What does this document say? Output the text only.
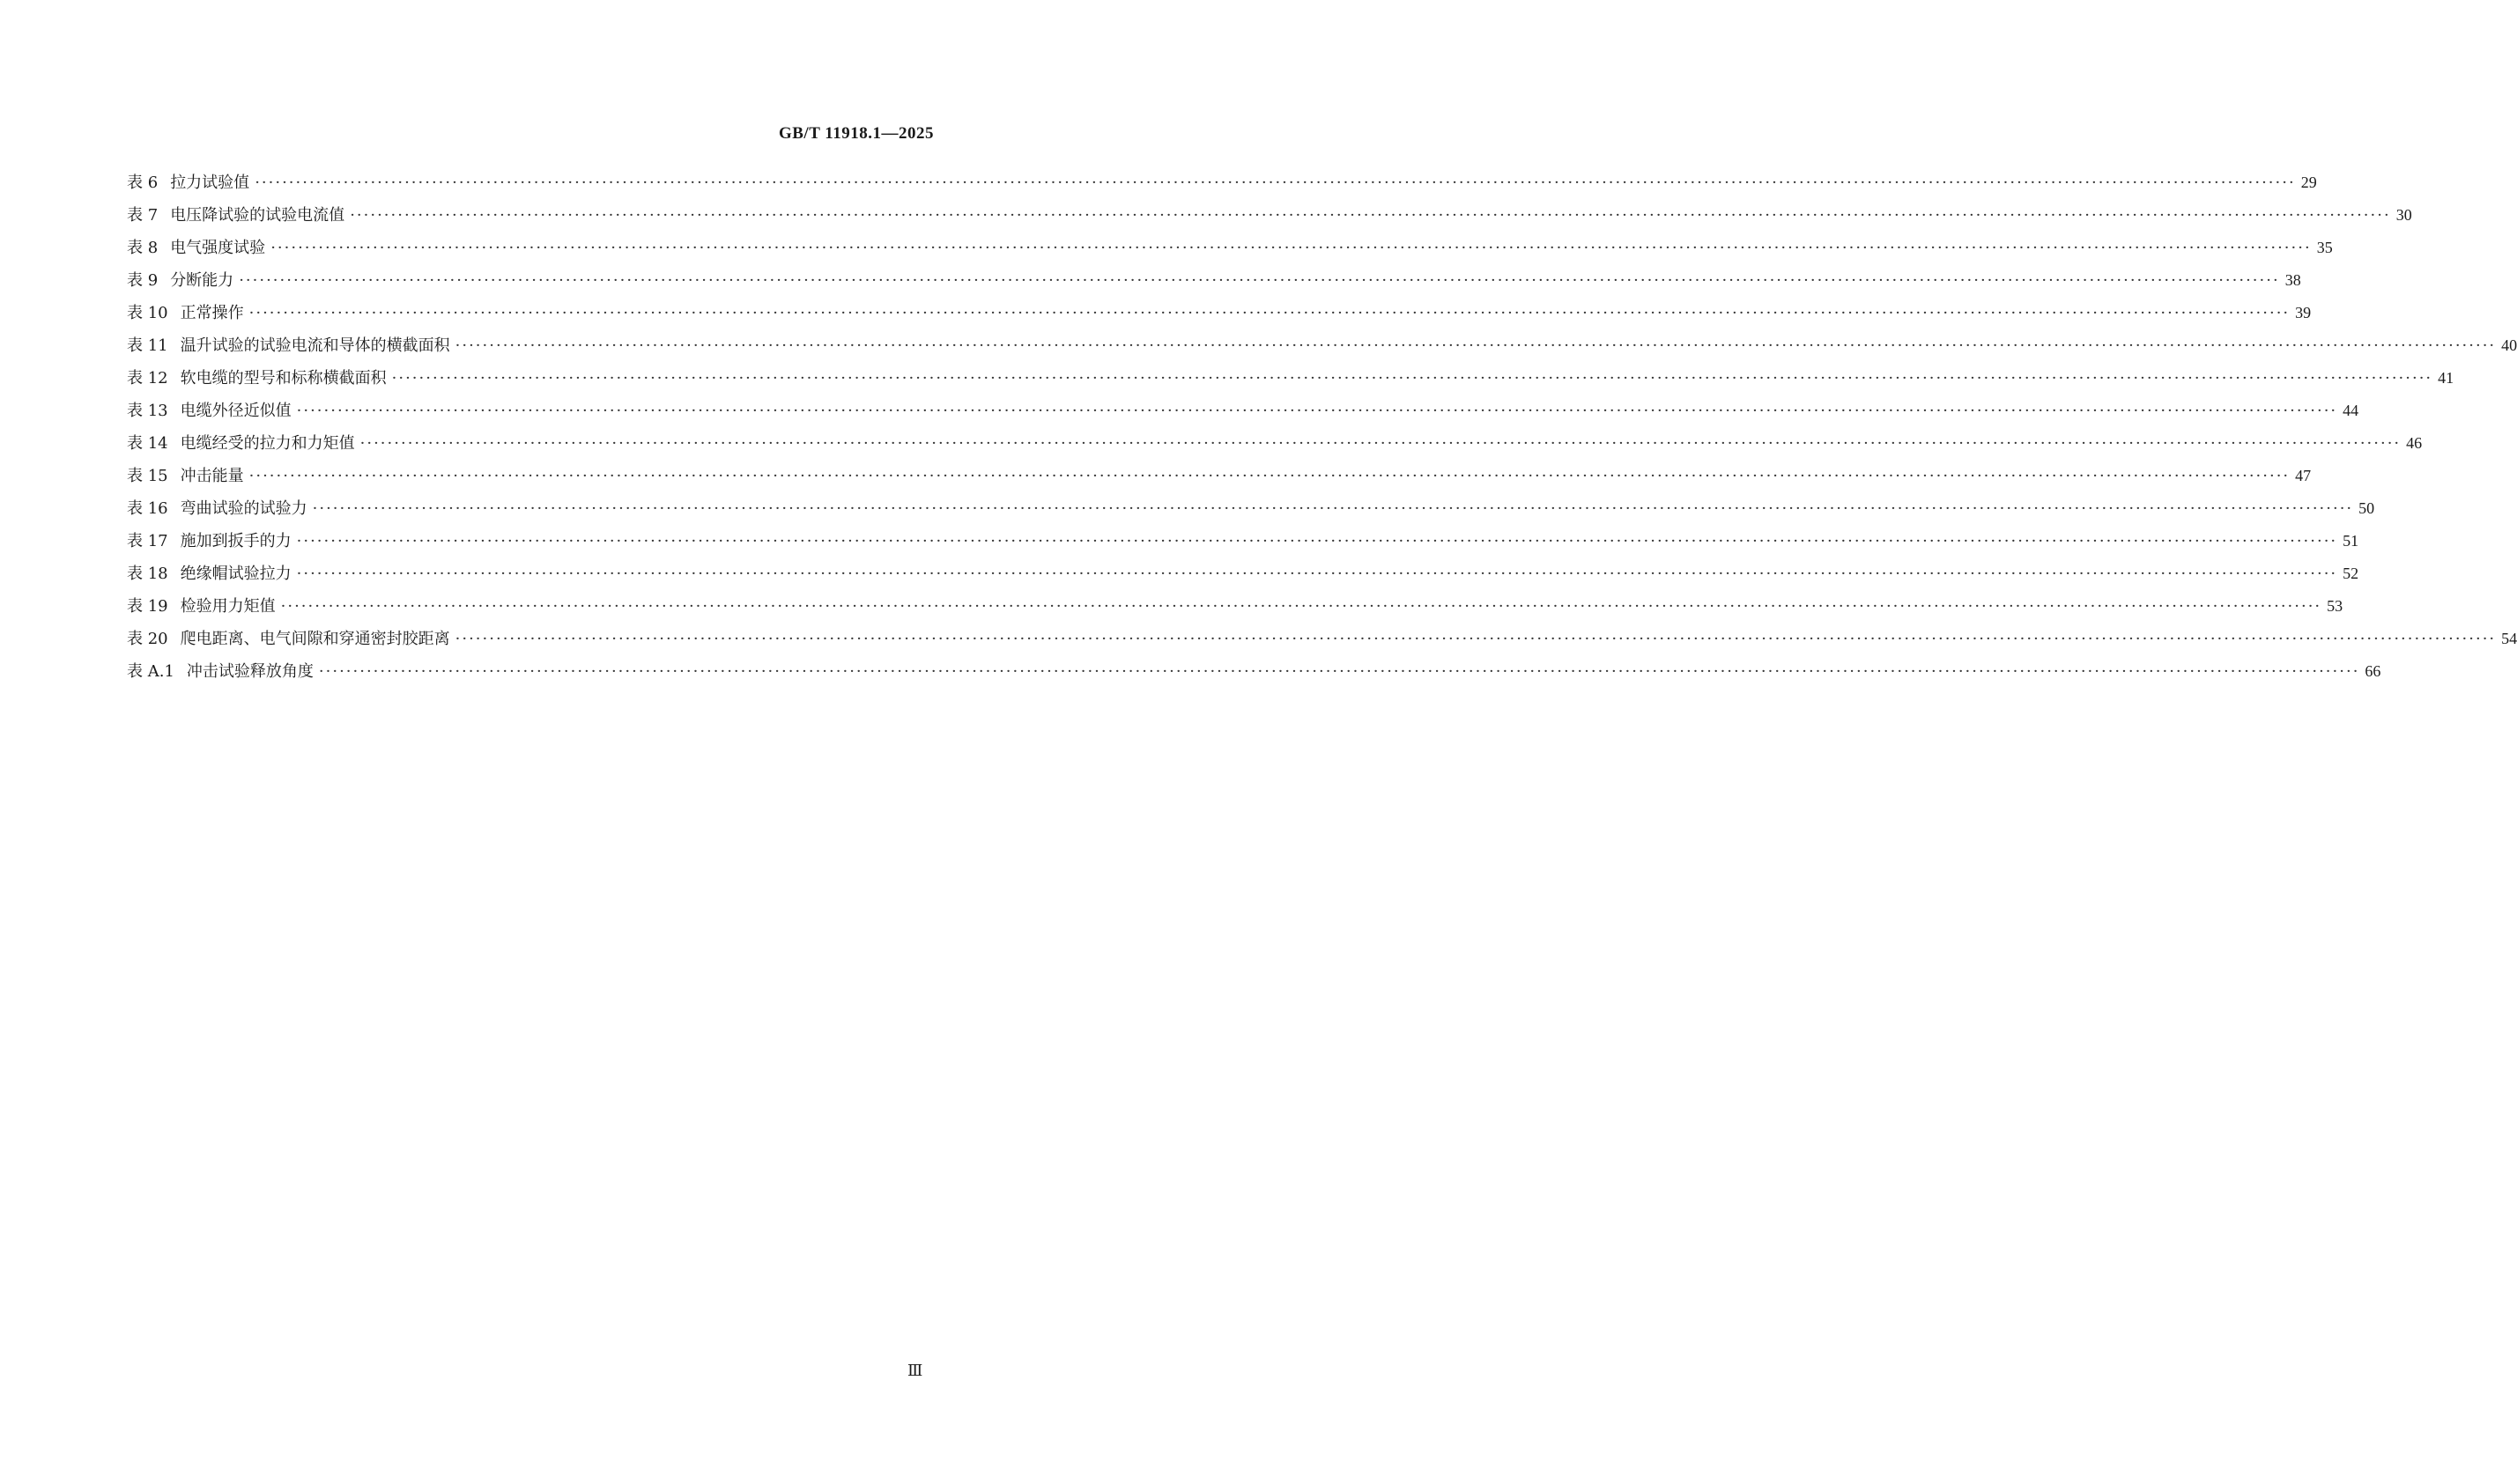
GB/T 11918.1—2025
表 6 拉力试验值 ············································································································································································································································································································ 29
表 7 电压降试验的试验电流值 ············································································································································································································································································································ 30
表 8 电气强度试验 ············································································································································································································································································································ 35
表 9 分断能力 ············································································································································································································································································································ 38
表 10 正常操作 ············································································································································································································································································································ 39
表 11 温升试验的试验电流和导体的横截面积 ············································································································································································································································································································ 40
表 12 软电缆的型号和标称横截面积 ············································································································································································································································································································ 41
表 13 电缆外径近似值 ············································································································································································································································································································ 44
表 14 电缆经受的拉力和力矩值 ············································································································································································································································································································ 46
表 15 冲击能量 ············································································································································································································································································································ 47
表 16 弯曲试验的试验力 ············································································································································································································································································································ 50
表 17 施加到扳手的力 ············································································································································································································································································································ 51
表 18 绝缘帽试验拉力 ············································································································································································································································································································ 52
表 19 检验用力矩值 ············································································································································································································································································································ 53
表 20 爬电距离、电气间隙和穿通密封胶距离 ············································································································································································································································································································ 54
表 A.1 冲击试验释放角度 ············································································································································································································································································································ 66
Ⅲ
